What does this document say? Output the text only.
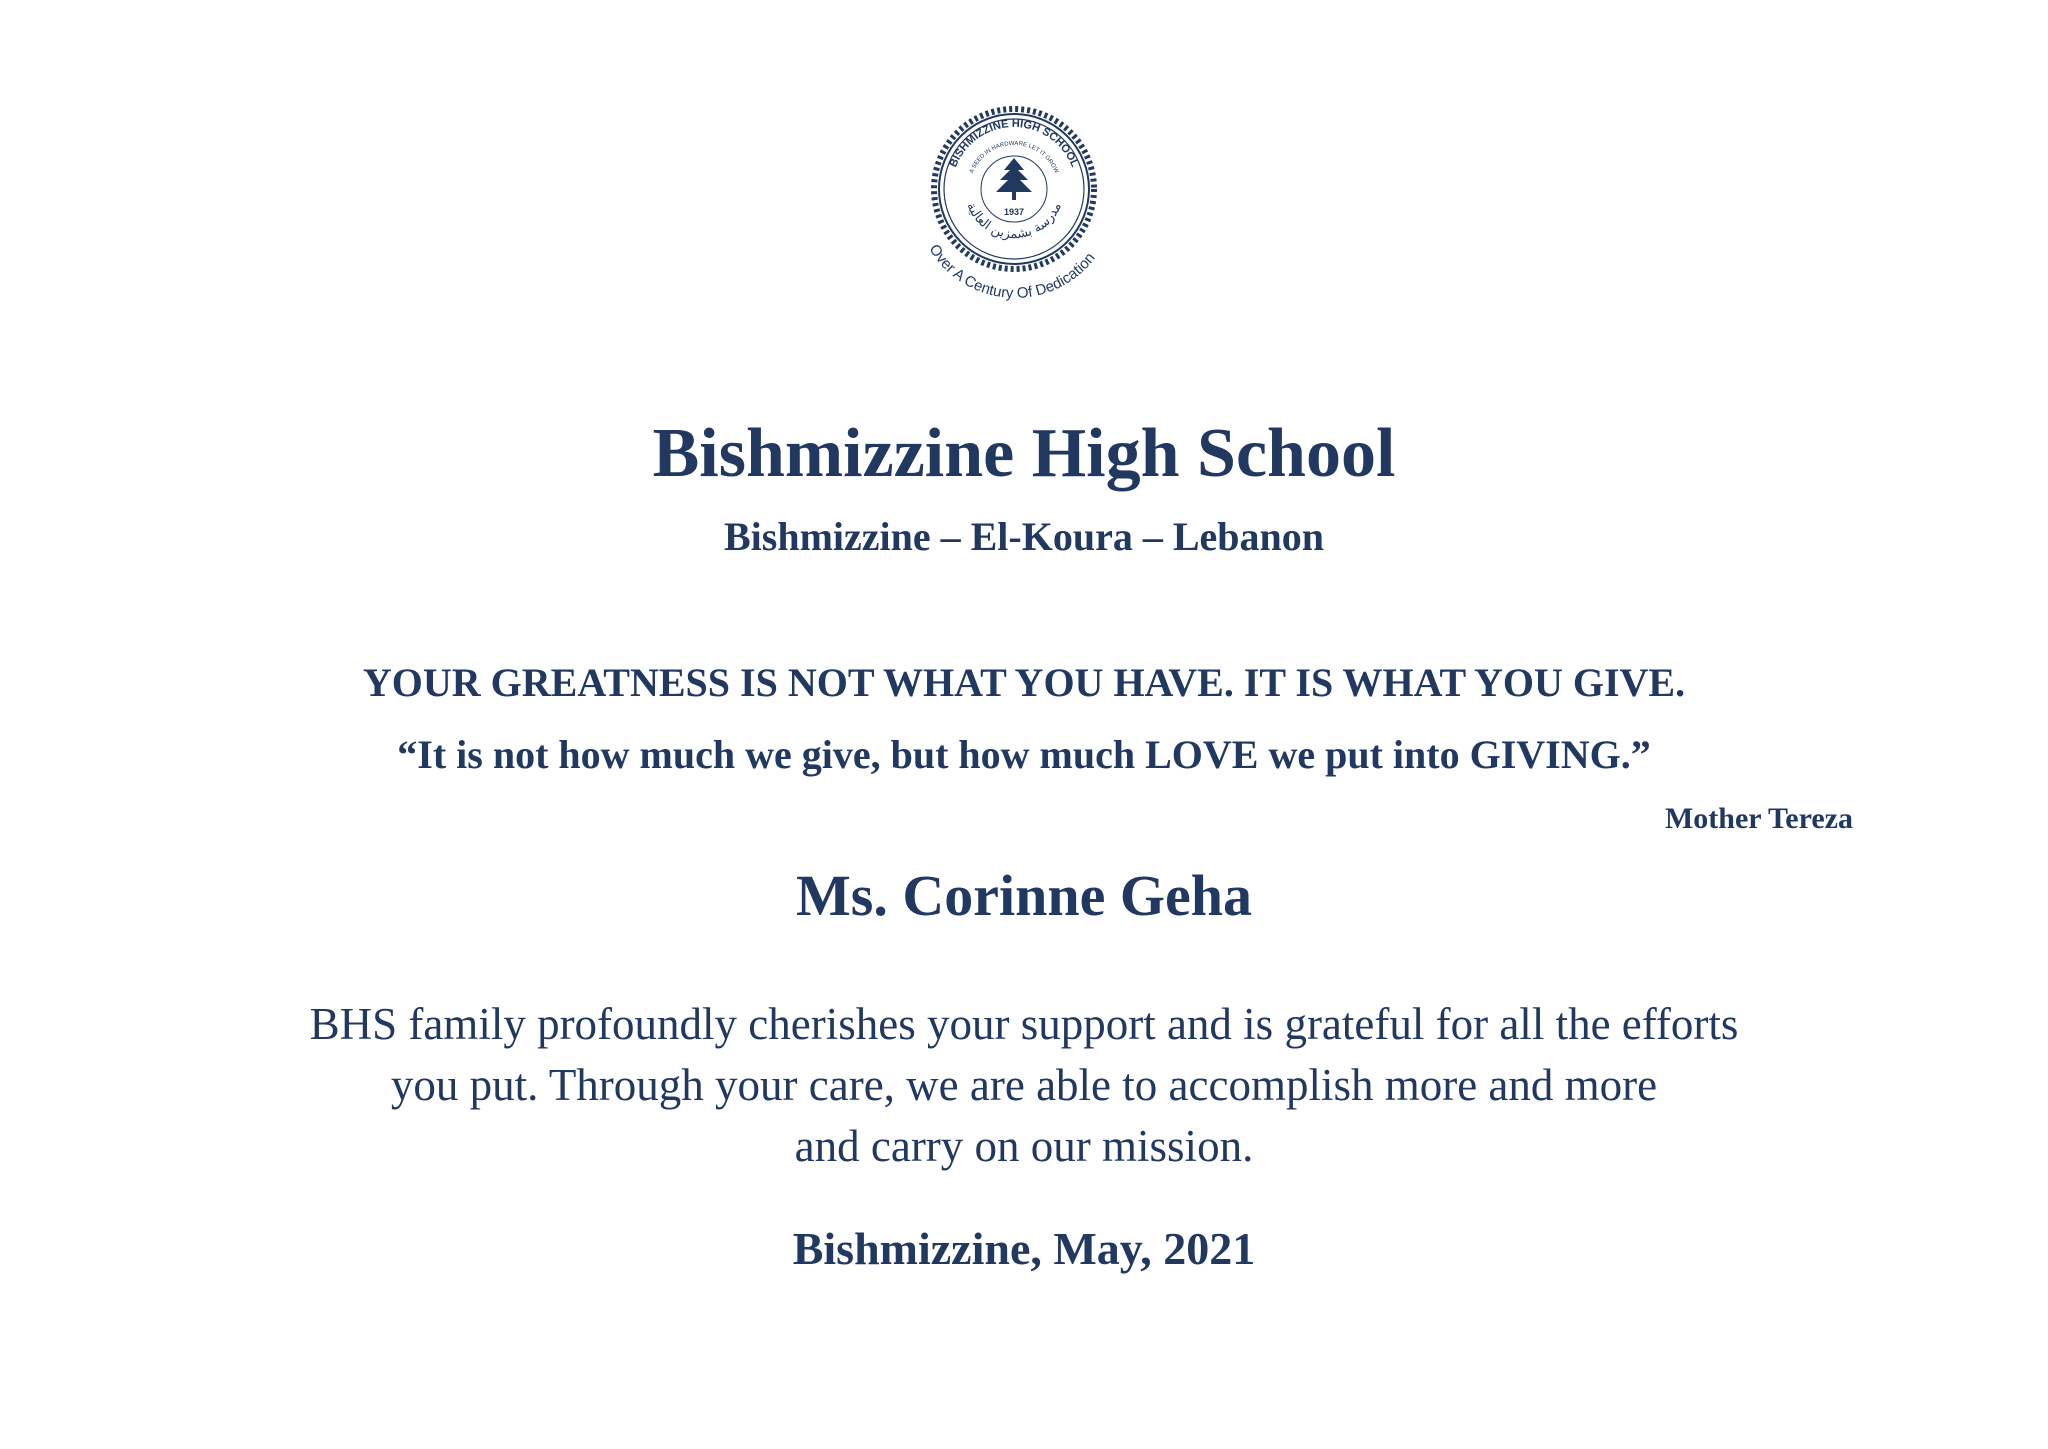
BISHMIZZINE HIGH SCHOOL
A SEED IN HARDWARE LET IT GROW
مدرسة بشمزين العالية
1937
Over A Century Of Dedication
Bishmizzine High School

Bishmizzine – El-Koura – Lebanon

YOUR GREATNESS IS NOT WHAT YOU HAVE. IT IS WHAT YOU GIVE.

“It is not how much we give, but how much LOVE we put into GIVING.”

Mother Tereza

Ms. Corinne Geha

BHS family profoundly cherishes your support and is grateful for all the efforts
you put. Through your care, we are able to accomplish more and more
and carry on our mission.

Bishmizzine, May, 2021
